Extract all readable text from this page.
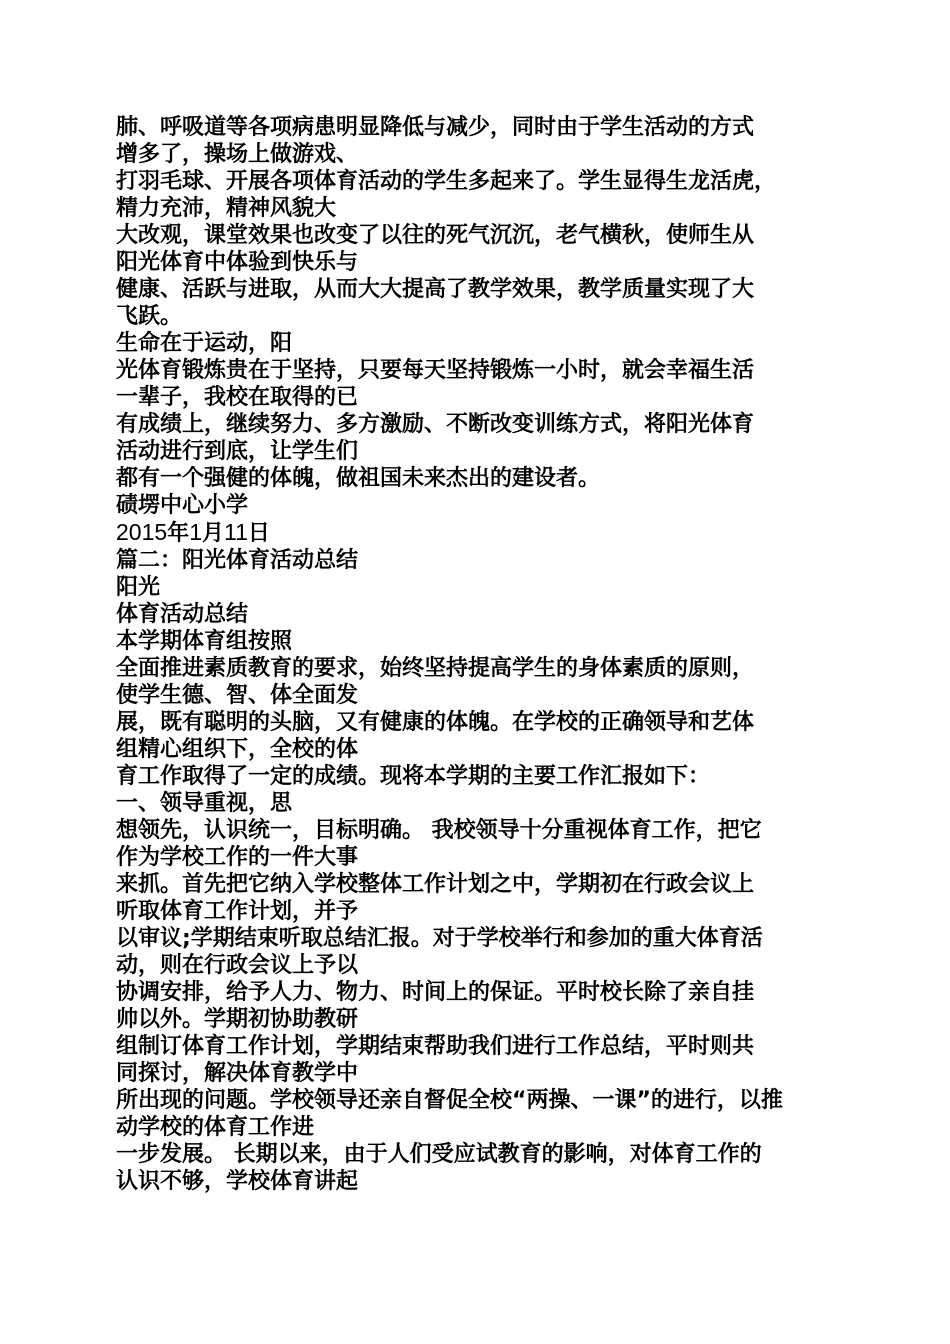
肺、呼吸道等各项病患明显降低与减少，同时由于学生活动的方式
增多了，操场上做游戏、
打羽毛球、开展各项体育活动的学生多起来了。学生显得生龙活虎，
精力充沛，精神风貌大
大改观，课堂效果也改变了以往的死气沉沉，老气横秋，使师生从
阳光体育中体验到快乐与
健康、活跃与进取，从而大大提高了教学效果，教学质量实现了大
飞跃。
生命在于运动，阳
光体育锻炼贵在于坚持，只要每天坚持锻炼一小时，就会幸福生活
一辈子，我校在取得的已
有成绩上，继续努力、多方激励、不断改变训练方式，将阳光体育
活动进行到底，让学生们
都有一个强健的体魄，做祖国未来杰出的建设者。
碛塄中心小学
2015年1月11日
篇二：阳光体育活动总结
阳光
体育活动总结
本学期体育组按照
全面推进素质教育的要求，始终坚持提高学生的身体素质的原则，
使学生德、智、体全面发
展，既有聪明的头脑，又有健康的体魄。在学校的正确领导和艺体
组精心组织下，全校的体
育工作取得了一定的成绩。现将本学期的主要工作汇报如下：
一、领导重视，思
想领先，认识统一，目标明确。 我校领导十分重视体育工作，把它
作为学校工作的一件大事
来抓。首先把它纳入学校整体工作计划之中，学期初在行政会议上
听取体育工作计划，并予
以审议;学期结束听取总结汇报。对于学校举行和参加的重大体育活
动，则在行政会议上予以
协调安排，给予人力、物力、时间上的保证。平时校长除了亲自挂
帅以外。学期初协助教研
组制订体育工作计划，学期结束帮助我们进行工作总结，平时则共
同探讨，解决体育教学中
所出现的问题。学校领导还亲自督促全校“两操、一课”的进行，以推
动学校的体育工作进
一步发展。 长期以来，由于人们受应试教育的影响，对体育工作的
认识不够，学校体育讲起
